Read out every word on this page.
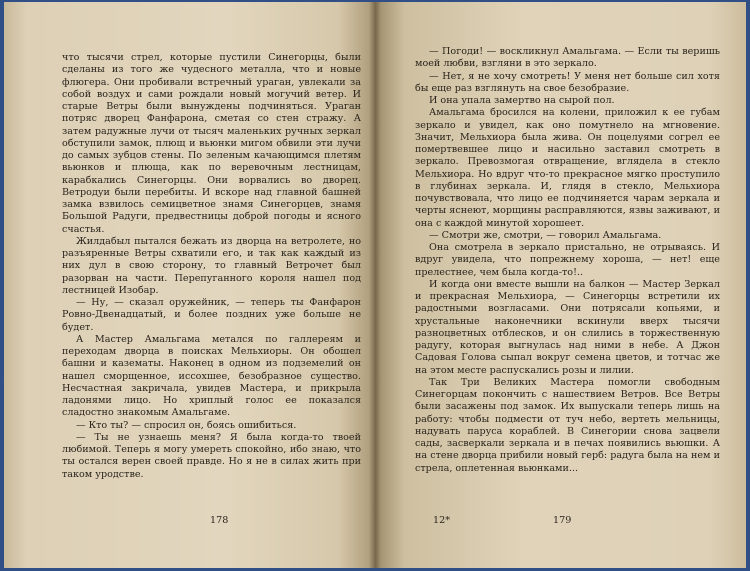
что тысячи стрел, которые пустили Синегорцы, были сделаны из того же чудесного металла, что и новые флюгера. Они пробивали встречный ураган, увлекали за собой воздух и сами рождали новый могучий ветер. И старые Ветры были вынуждены подчиняться. Ураган потряс дворец Фанфарона, сметая со стен стражу. А затем радужные лучи от тысяч маленьких ручных зеркал обступили замок, плющ и вьюнки мигом обвили эти лучи до самых зубцов стены. По зеленым качающимся плетям вьюнков и плюща, как по веревочным лестницам, карабкались Синегорцы. Они ворвались во дворец. Ветродуи были перебиты. И вскоре над главной башней замка взвилось семицветное знамя Синегорцев, знамя Большой Радуги, предвестницы доброй погоды и ясного счастья.

Жилдабыл пытался бежать из дворца на ветролете, но разъяренные Ветры схватили его, и так как каждый из них дул в свою сторону, то главный Ветрочет был разорван на части. Перепуганного короля нашел под лестницей Изобар.

— Ну, — сказал оружейник, — теперь ты Фанфарон Ровно-Двенадцатый, и более поздних уже больше не будет.

А Мастер Амальгама метался по галлереям и переходам дворца в поисках Мельхиоры. Он обошел башни и казематы. Наконец в одном из подземелий он нашел сморщенное, иссохшее, безобразное существо. Несчастная закричала, увидев Мастера, и прикрыла ладонями лицо. Но хриплый голос ее показался сладостно знакомым Амальгаме.

— Кто ты? — спросил он, боясь ошибиться.

— Ты не узнаешь меня? Я была когда-то твоей любимой. Теперь я могу умереть спокойно, ибо знаю, что ты остался верен своей правде. Но я не в силах жить при таком уродстве.

178

— Погоди! — воскликнул Амальгама. — Если ты веришь моей любви, взгляни в это зеркало.

— Нет, я не хочу смотреть! У меня нет больше сил хотя бы еще раз взглянуть на свое безобразие.

И она упала замертво на сырой пол.

Амальгама бросился на колени, приложил к ее губам зеркало и увидел, как оно помутнело на мгновение. Значит, Мельхиора была жива. Он поцелуями согрел ее помертвевшее лицо и насильно заставил смотреть в зеркало. Превозмогая отвращение, вглядела в стекло Мельхиора. Но вдруг что-то прекрасное мягко проступило в глубинах зеркала. И, глядя в стекло, Мельхиора почувствовала, что лицо ее подчиняется чарам зеркала и черты яснеют, морщины расправляются, язвы заживают, и она с каждой минутой хорошеет.

— Смотри же, смотри, — говорил Амальгама.

Она смотрела в зеркало пристально, не отрываясь. И вдруг увидела, что попрежнему хороша, — нет! еще прелестнее, чем была когда-то!..

И когда они вместе вышли на балкон — Мастер Зеркал и прекрасная Мельхиора, — Синегорцы встретили их радостными возгласами. Они потрясали копьями, и хрустальные наконечники вскинули вверх тысячи разноцветных отблесков, и он слились в торжественную радугу, которая выгнулась над ними в небе. А Джон Садовая Голова сыпал вокруг семена цветов, и тотчас же на этом месте распускались розы и лилии.

Так Три Великих Мастера помогли свободным Синегорцам покончить с нашествием Ветров. Все Ветры были засажены под замок. Их выпускали теперь лишь на работу: чтобы подмести от туч небо, вертеть мельницы, надувать паруса кораблей. В Синегории снова зацвели сады, засверкали зеркала и в печах появились вьюшки. А на стене дворца прибили новый герб: радуга была на нем и стрела, оплетенная вьюнками...

12*	179
